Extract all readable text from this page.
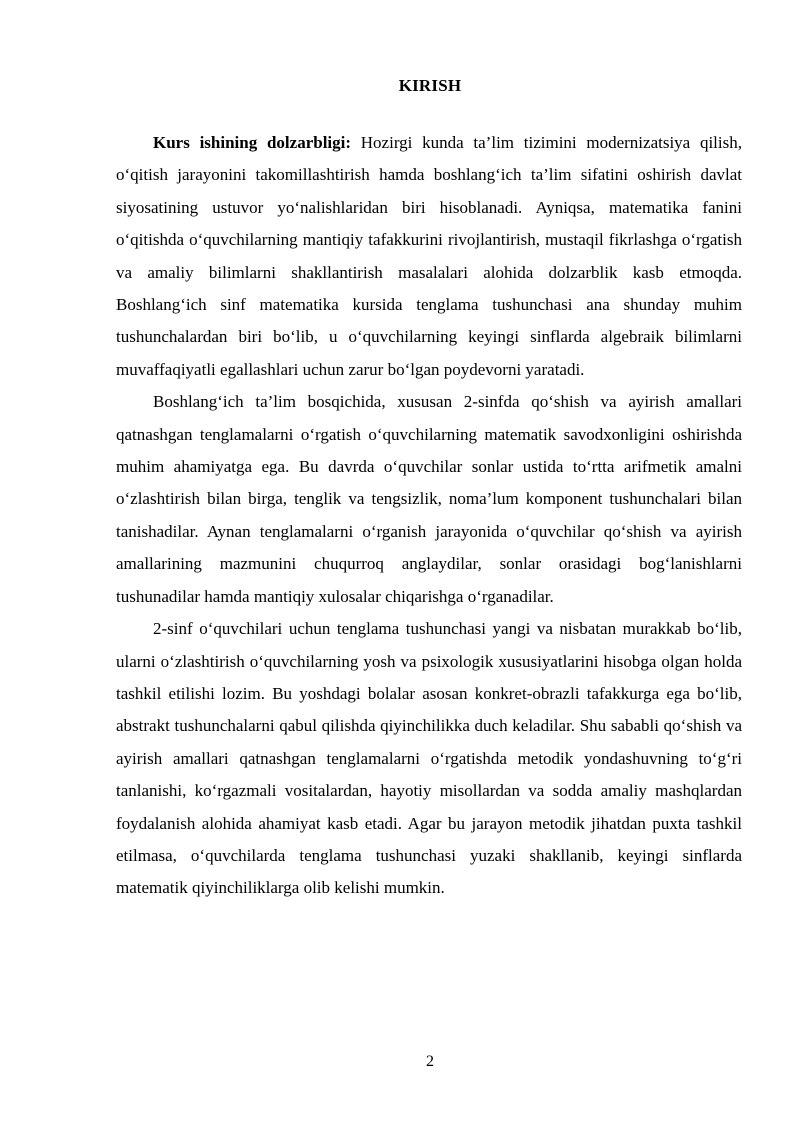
KIRISH

Kurs ishining dolzarbligi: Hozirgi kunda ta’lim tizimini modernizatsiya qilish, o‘qitish jarayonini takomillashtirish hamda boshlang‘ich ta’lim sifatini oshirish davlat siyosatining ustuvor yo‘nalishlaridan biri hisoblanadi. Ayniqsa, matematika fanini o‘qitishda o‘quvchilarning mantiqiy tafakkurini rivojlantirish, mustaqil fikrlashga o‘rgatish va amaliy bilimlarni shakllantirish masalalari alohida dolzarblik kasb etmoqda. Boshlang‘ich sinf matematika kursida tenglama tushunchasi ana shunday muhim tushunchalardan biri bo‘lib, u o‘quvchilarning keyingi sinflarda algebraik bilimlarni muvaffaqiyatli egallashlari uchun zarur bo‘lgan poydevorni yaratadi.

Boshlang‘ich ta’lim bosqichida, xususan 2-sinfda qo‘shish va ayirish amallari qatnashgan tenglamalarni o‘rgatish o‘quvchilarning matematik savodxonligini oshirishda muhim ahamiyatga ega. Bu davrda o‘quvchilar sonlar ustida to‘rtta arifmetik amalni o‘zlashtirish bilan birga, tenglik va tengsizlik, noma’lum komponent tushunchalari bilan tanishadilar. Aynan tenglamalarni o‘rganish jarayonida o‘quvchilar qo‘shish va ayirish amallarining mazmunini chuqurroq anglaydilar, sonlar orasidagi bog‘lanishlarni tushunadilar hamda mantiqiy xulosalar chiqarishga o‘rganadilar.

2-sinf o‘quvchilari uchun tenglama tushunchasi yangi va nisbatan murakkab bo‘lib, ularni o‘zlashtirish o‘quvchilarning yosh va psixologik xususiyatlarini hisobga olgan holda tashkil etilishi lozim. Bu yoshdagi bolalar asosan konkret-obrazli tafakkurga ega bo‘lib, abstrakt tushunchalarni qabul qilishda qiyinchilikka duch keladilar. Shu sababli qo‘shish va ayirish amallari qatnashgan tenglamalarni o‘rgatishda metodik yondashuvning to‘g‘ri tanlanishi, ko‘rgazmali vositalardan, hayotiy misollardan va sodda amaliy mashqlardan foydalanish alohida ahamiyat kasb etadi. Agar bu jarayon metodik jihatdan puxta tashkil etilmasa, o‘quvchilarda tenglama tushunchasi yuzaki shakllanib, keyingi sinflarda matematik qiyinchiliklarga olib kelishi mumkin.

2
